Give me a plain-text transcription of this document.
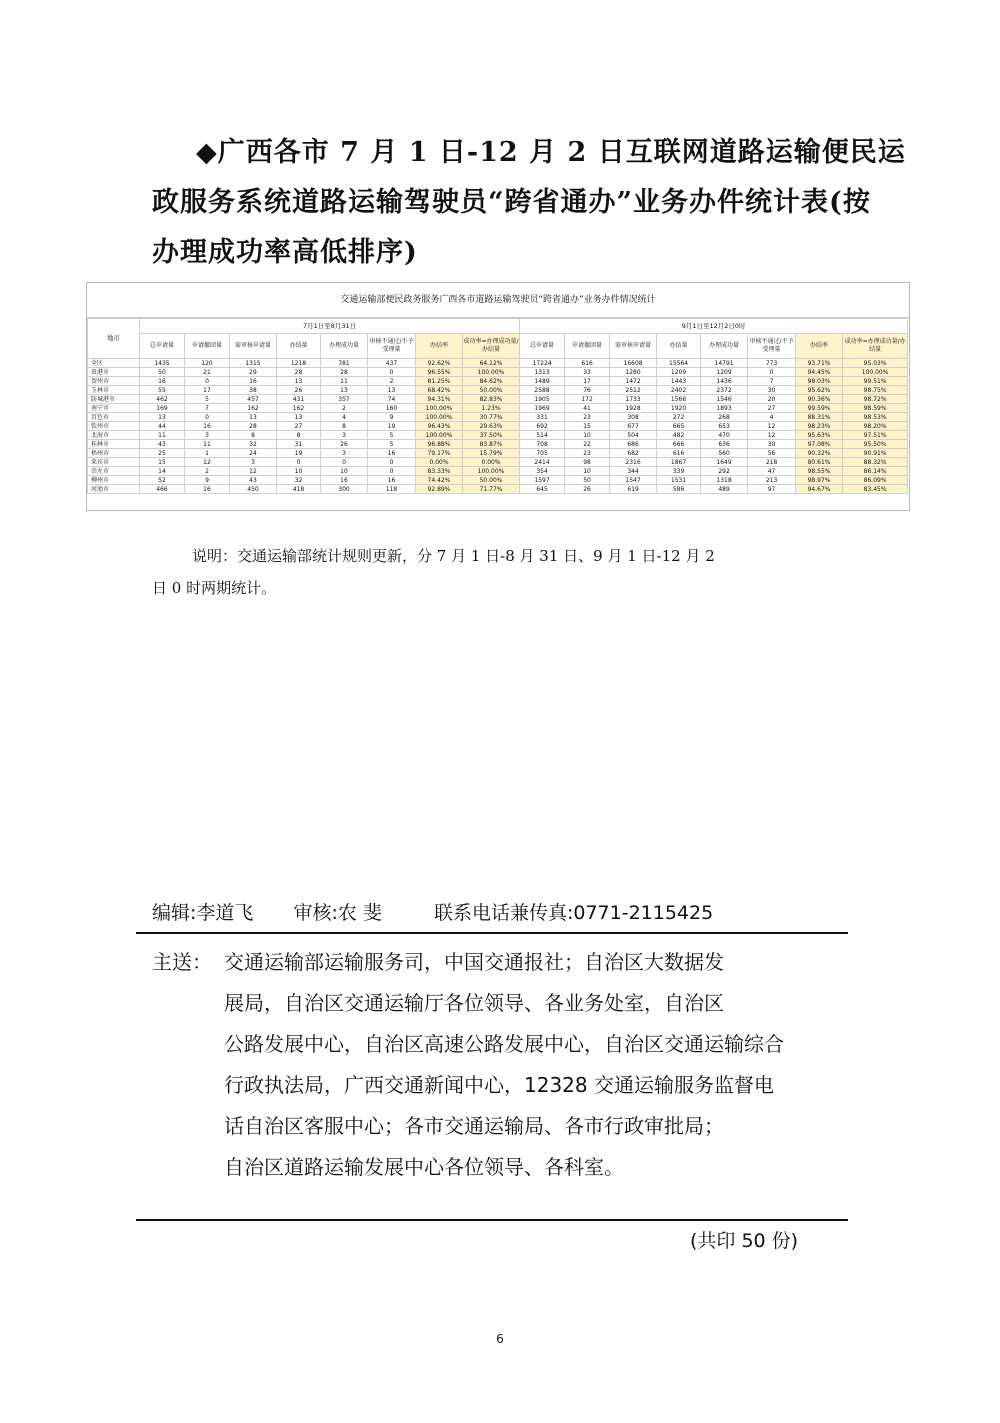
◆广西各市 7 月 1 日-12 月 2 日互联网道路运输便民运
政服务系统道路运输驾驶员“跨省通办”业务办件统计表(按
办理成功率高低排序)
交通运输部便民政务服务广西各市道路运输驾驶员“跨省通办”业务办件情况统计
地市	7月1日至8月31日								9月1日至12月2日0时							
	总申请量	申请撤回量	需审核申请量	办结量	办理成功量	审核不通过/不予受理量	办结率	成功率=办理成功量/办结量	总申请量	申请撤回量	需审核申请量	办结量	办理成功量	审核不通过/不予受理量	办结率	成功率=办理成功量/办结量
全区	1435	120	1315	1218	781	437	92.62%	64.12%	17224	616	16608	15564	14791	773	93.71%	95.03%
贵港市	50	21	29	28	28	0	96.55%	100.00%	1313	33	1280	1209	1209	0	94.45%	100.00%
贺州市	16	0	16	13	11	2	81.25%	84.62%	1489	17	1472	1443	1436	7	98.03%	99.51%
玉林市	55	17	38	26	13	13	68.42%	50.00%	2588	76	2512	2402	2372	30	95.62%	98.75%
防城港市	462	5	457	431	357	74	94.31%	82.83%	1905	172	1733	1566	1546	20	90.36%	98.72%
南宁市	169	7	162	162	2	160	100.00%	1.23%	1969	41	1928	1920	1893	27	99.59%	98.59%
百色市	13	0	13	13	4	9	100.00%	30.77%	331	23	308	272	268	4	88.31%	98.53%
钦州市	44	16	28	27	8	19	96.43%	29.63%	692	15	677	665	653	12	98.23%	98.20%
北海市	11	3	8	8	3	5	100.00%	37.50%	514	10	504	482	470	12	95.63%	97.51%
桂林市	43	11	32	31	26	5	96.88%	83.87%	708	22	686	666	636	30	97.08%	95.50%
梧州市	25	1	24	19	3	16	79.17%	15.79%	705	23	682	616	560	56	90.32%	90.91%
来宾市	15	12	3	0	0	0	0.00%	0.00%	2414	98	2316	1867	1649	218	80.61%	88.32%
崇左市	14	2	12	10	10	0	83.33%	100.00%	354	10	344	339	292	47	98.55%	86.14%
柳州市	52	9	43	32	16	16	74.42%	50.00%	1597	50	1547	1531	1318	213	98.97%	86.09%
河池市	466	16	450	418	300	118	92.89%	71.77%	645	26	619	586	489	97	94.67%	83.45%
说明：交通运输部统计规则更新，分 7 月 1 日-8 月 31 日、9 月 1 日-12 月 2
日 0 时两期统计。
编辑:李道飞 审核:农 斐	联系电话兼传真:0771-2115425
主送： 交通运输部运输服务司，中国交通报社；自治区大数据发
展局，自治区交通运输厅各位领导、各业务处室，自治区
公路发展中心，自治区高速公路发展中心，自治区交通运输综合
行政执法局，广西交通新闻中心，12328 交通运输服务监督电
话自治区客服中心；各市交通运输局、各市行政审批局；
自治区道路运输发展中心各位领导、各科室。
(共印 50 份)
6
